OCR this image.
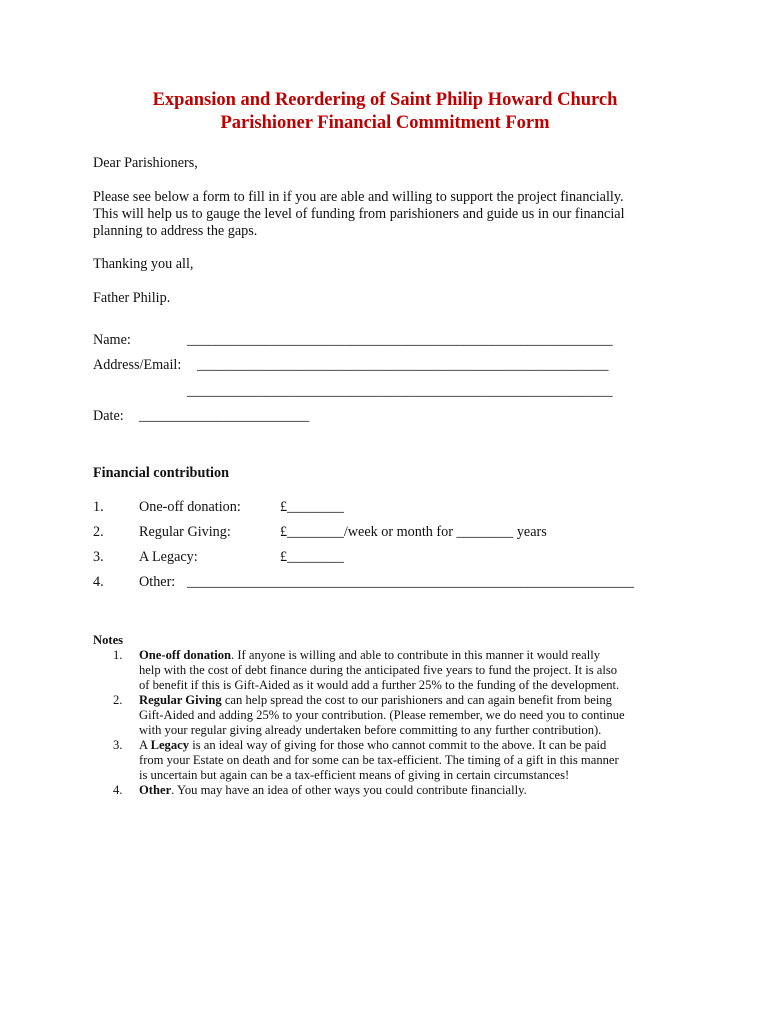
Expansion and Reordering of Saint Philip Howard Church
Parishioner Financial Commitment Form
Dear Parishioners,
Please see below a form to fill in if you are able and willing to support the project financially.
This will help us to gauge the level of funding from parishioners and guide us in our financial
planning to address the gaps.
Thanking you all,
Father Philip.
Name:	____________________________________________________________
Address/Email: __________________________________________________________
____________________________________________________________
Date: ________________________
Financial contribution
1. One-off donation:	£________
2. Regular Giving:	£________/week or month for ________ years
3. A Legacy:	£________
4. Other: _______________________________________________________________
Notes
1. One-off donation. If anyone is willing and able to contribute in this manner it would really
help with the cost of debt finance during the anticipated five years to fund the project. It is also
of benefit if this is Gift-Aided as it would add a further 25% to the funding of the development.
2. Regular Giving can help spread the cost to our parishioners and can again benefit from being
Gift-Aided and adding 25% to your contribution. (Please remember, we do need you to continue
with your regular giving already undertaken before committing to any further contribution).
3. A Legacy is an ideal way of giving for those who cannot commit to the above. It can be paid
from your Estate on death and for some can be tax-efficient. The timing of a gift in this manner
is uncertain but again can be a tax-efficient means of giving in certain circumstances!
4. Other. You may have an idea of other ways you could contribute financially.
